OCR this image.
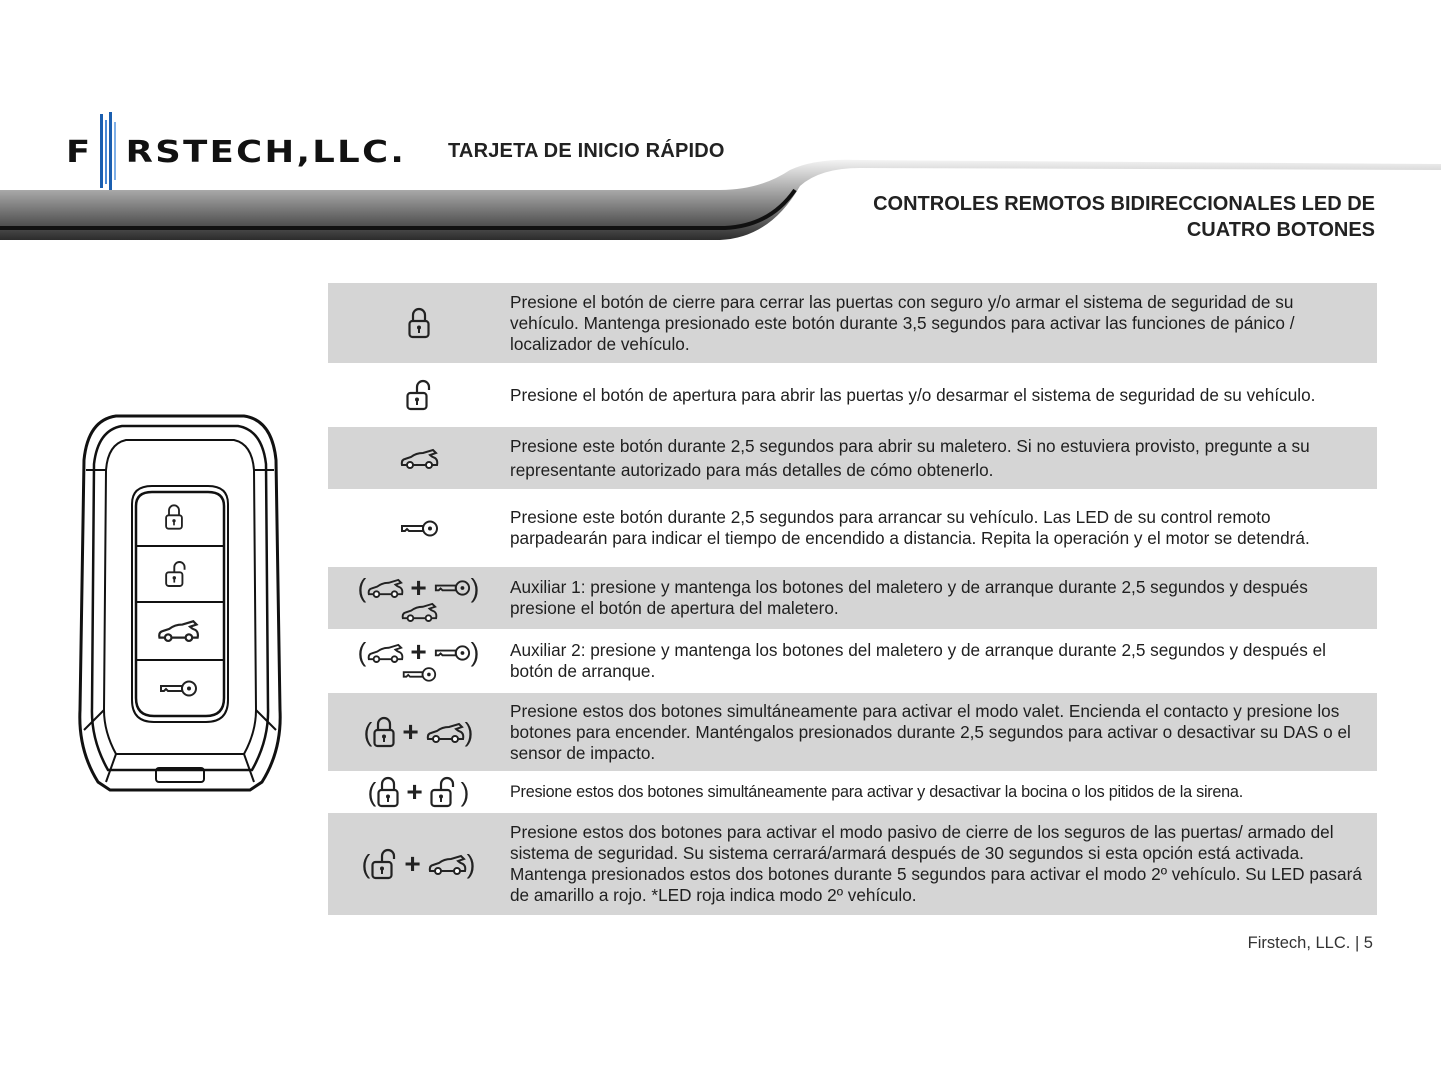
F RSTECH,LLC. TARJETA DE INICIO RÁPIDO
CONTROLES REMOTOS BIDIRECCIONALES LED DE
CUATRO BOTONES
Presione el botón de cierre para cerrar las puertas con seguro y/o armar el sistema de seguridad de su vehículo. Mantenga presionado este botón durante 3,5 segundos para activar las funciones de pánico / localizador de vehículo.
Presione el botón de apertura para abrir las puertas y/o desarmar el sistema de seguridad de su vehículo.
Presione este botón durante 2,5 segundos para abrir su maletero. Si no estuviera provisto, pregunte a su representante autorizado para más detalles de cómo obtenerlo.
Presione este botón durante 2,5 segundos para arrancar su vehículo. Las LED de su control remoto parpadearán para indicar el tiempo de encendido a distancia. Repita la operación y el motor se detendrá.
( + ) Auxiliar 1: presione y mantenga los botones del maletero y de arranque durante 2,5 segundos y después presione el botón de apertura del maletero.
( + ) Auxiliar 2: presione y mantenga los botones del maletero y de arranque durante 2,5 segundos y después el botón de arranque.
( + )
Presione estos dos botones simultáneamente para activar el modo valet. Encienda el contacto y presione los botones para encender. Manténgalos presionados durante 2,5 segundos para activar o desactivar su DAS o el sensor de impacto.
( + )	Presione estos dos botones simultáneamente para activar y desactivar la bocina o los pitidos de la sirena.
( + )
Presione estos dos botones para activar el modo pasivo de cierre de los seguros de las puertas/ armado del sistema de seguridad. Su sistema cerrará/armará después de 30 segundos si esta opción está activada. Mantenga presionados estos dos botones durante 5 segundos para activar el modo 2º vehículo. Su LED pasará de amarillo a rojo. *LED roja indica modo 2º vehículo.
Firstech, LLC. | 5
